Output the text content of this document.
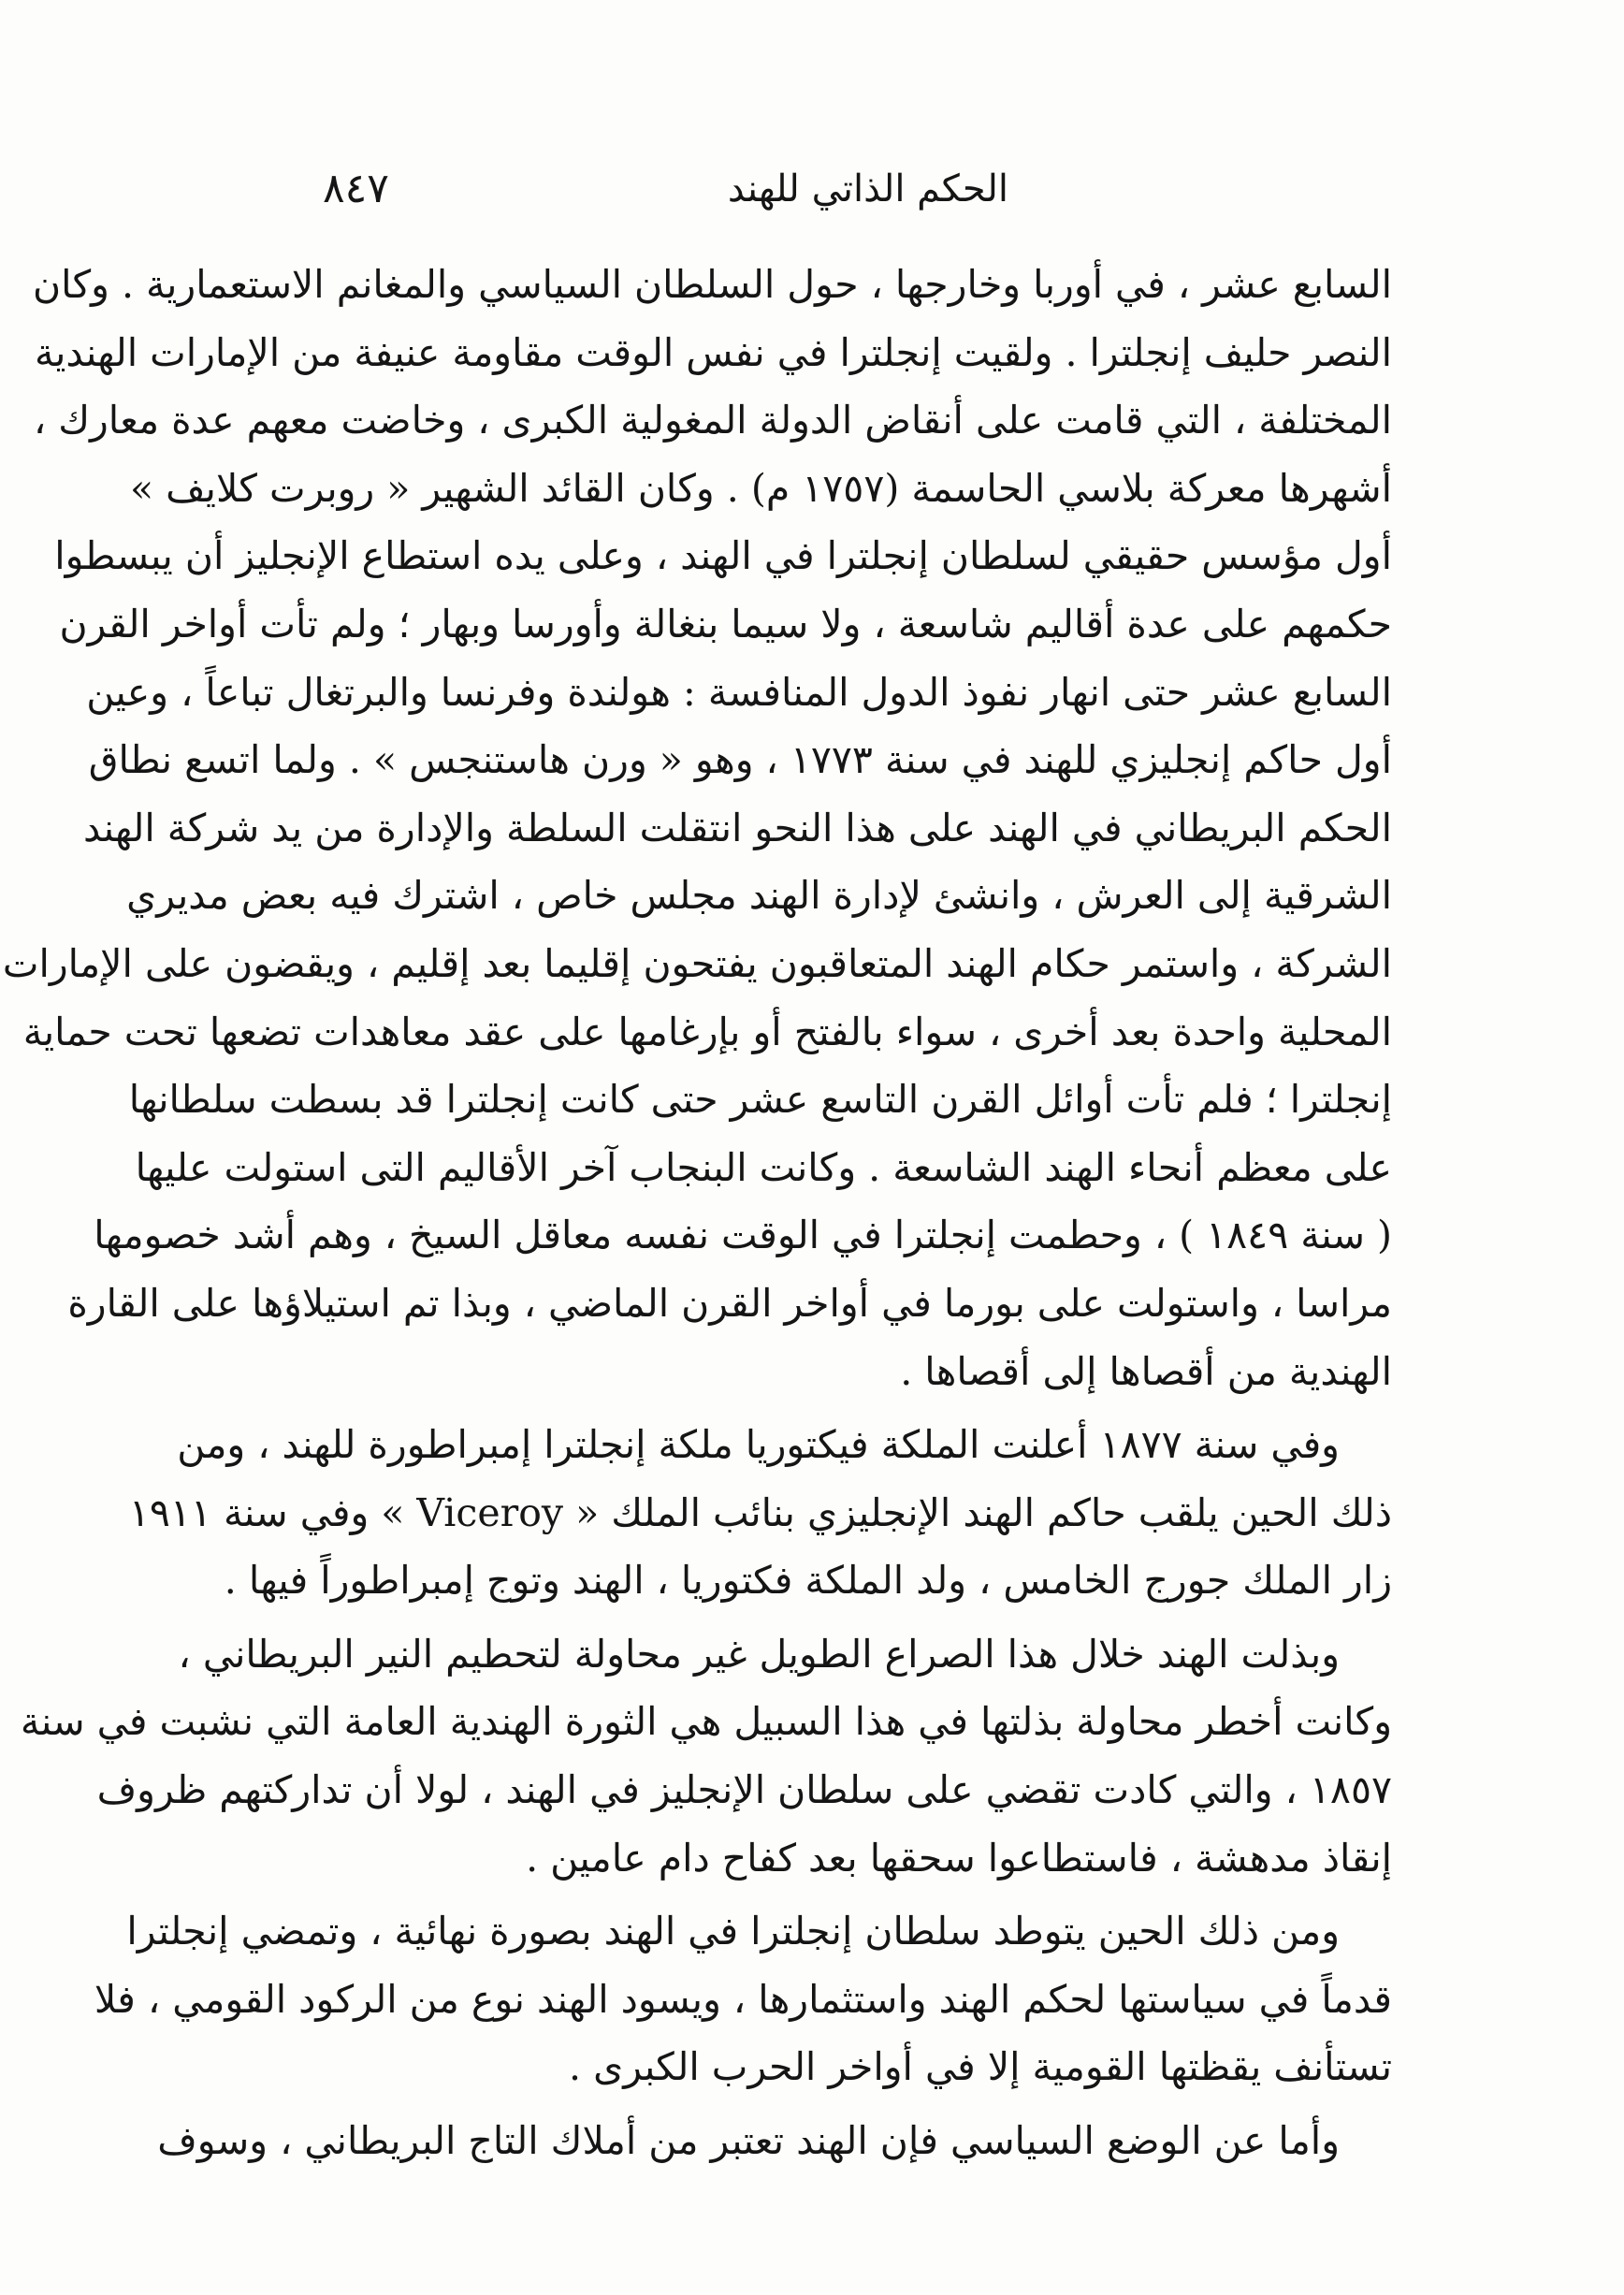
الحكم الذاتي للهند
٨٤٧
السابع عشر ، في أوربا وخارجها ، حول السلطان السياسي والمغانم الاستعمارية . وكان
النصر حليف إنجلترا . ولقيت إنجلترا في نفس الوقت مقاومة عنيفة من الإمارات الهندية
المختلفة ، التي قامت على أنقاض الدولة المغولية الكبرى ، وخاضت معهم عدة معارك ،
أشهرها معركة بلاسي الحاسمة (١٧٥٧ م) . وكان القائد الشهير « روبرت كلايف »
أول مؤسس حقيقي لسلطان إنجلترا في الهند ، وعلى يده استطاع الإنجليز أن يبسطوا
حكمهم على عدة أقاليم شاسعة ، ولا سيما بنغالة وأورسا وبهار ؛ ولم تأت أواخر القرن
السابع عشر حتى انهار نفوذ الدول المنافسة : هولندة وفرنسا والبرتغال تباعاً ، وعين
أول حاكم إنجليزي للهند في سنة ١٧٧٣ ، وهو « ورن هاستنجس » . ولما اتسع نطاق
الحكم البريطاني في الهند على هذا النحو انتقلت السلطة والإدارة من يد شركة الهند
الشرقية إلى العرش ، وانشئ لإدارة الهند مجلس خاص ، اشترك فيه بعض مديري
الشركة ، واستمر حكام الهند المتعاقبون يفتحون إقليما بعد إقليم ، ويقضون على الإمارات
المحلية واحدة بعد أخرى ، سواء بالفتح أو بإرغامها على عقد معاهدات تضعها تحت حماية
إنجلترا ؛ فلم تأت أوائل القرن التاسع عشر حتى كانت إنجلترا قد بسطت سلطانها
على معظم أنحاء الهند الشاسعة . وكانت البنجاب آخر الأقاليم التى استولت عليها
( سنة ١٨٤٩ ) ، وحطمت إنجلترا في الوقت نفسه معاقل السيخ ، وهم أشد خصومها
مراسا ، واستولت على بورما في أواخر القرن الماضي ، وبذا تم استيلاؤها على القارة
الهندية من أقصاها إلى أقصاها .
وفي سنة ١٨٧٧ أعلنت الملكة فيكتوريا ملكة إنجلترا إمبراطورة للهند ، ومن
ذلك الحين يلقب حاكم الهند الإنجليزي بنائب الملك « Viceroy » وفي سنة ١٩١١
زار الملك جورج الخامس ، ولد الملكة فكتوريا ، الهند وتوج إمبراطوراً فيها .
وبذلت الهند خلال هذا الصراع الطويل غير محاولة لتحطيم النير البريطاني ،
وكانت أخطر محاولة بذلتها في هذا السبيل هي الثورة الهندية العامة التي نشبت في سنة
١٨٥٧ ، والتي كادت تقضي على سلطان الإنجليز في الهند ، لولا أن تداركتهم ظروف
إنقاذ مدهشة ، فاستطاعوا سحقها بعد كفاح دام عامين .
ومن ذلك الحين يتوطد سلطان إنجلترا في الهند بصورة نهائية ، وتمضي إنجلترا
قدماً في سياستها لحكم الهند واستثمارها ، ويسود الهند نوع من الركود القومي ، فلا
تستأنف يقظتها القومية إلا في أواخر الحرب الكبرى .
وأما عن الوضع السياسي فإن الهند تعتبر من أملاك التاج البريطاني ، وسوف
